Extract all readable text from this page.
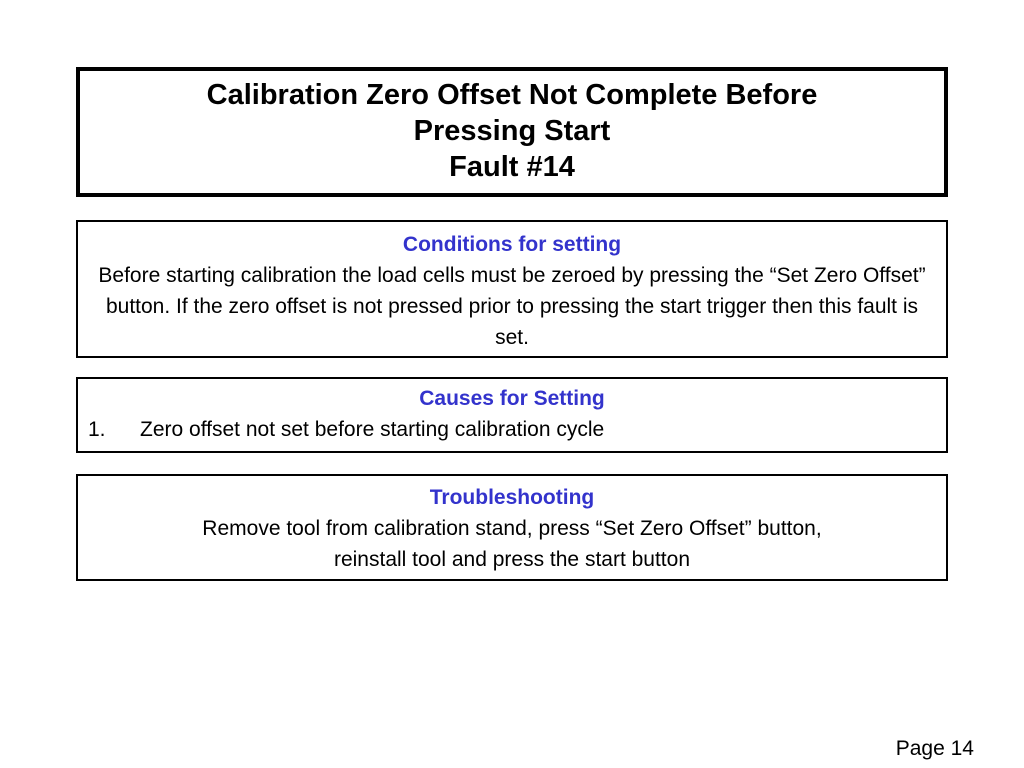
Calibration Zero Offset Not Complete Before
Pressing Start
Fault #14
Conditions for setting
Before starting calibration the load cells must be zeroed by pressing the “Set Zero Offset” button. If the zero offset is not pressed prior to pressing the start trigger then this fault is set.
Causes for Setting
1.	Zero offset not set before starting calibration cycle
Troubleshooting
Remove tool from calibration stand, press “Set Zero Offset” button,
reinstall tool and press the start button
Page 14
